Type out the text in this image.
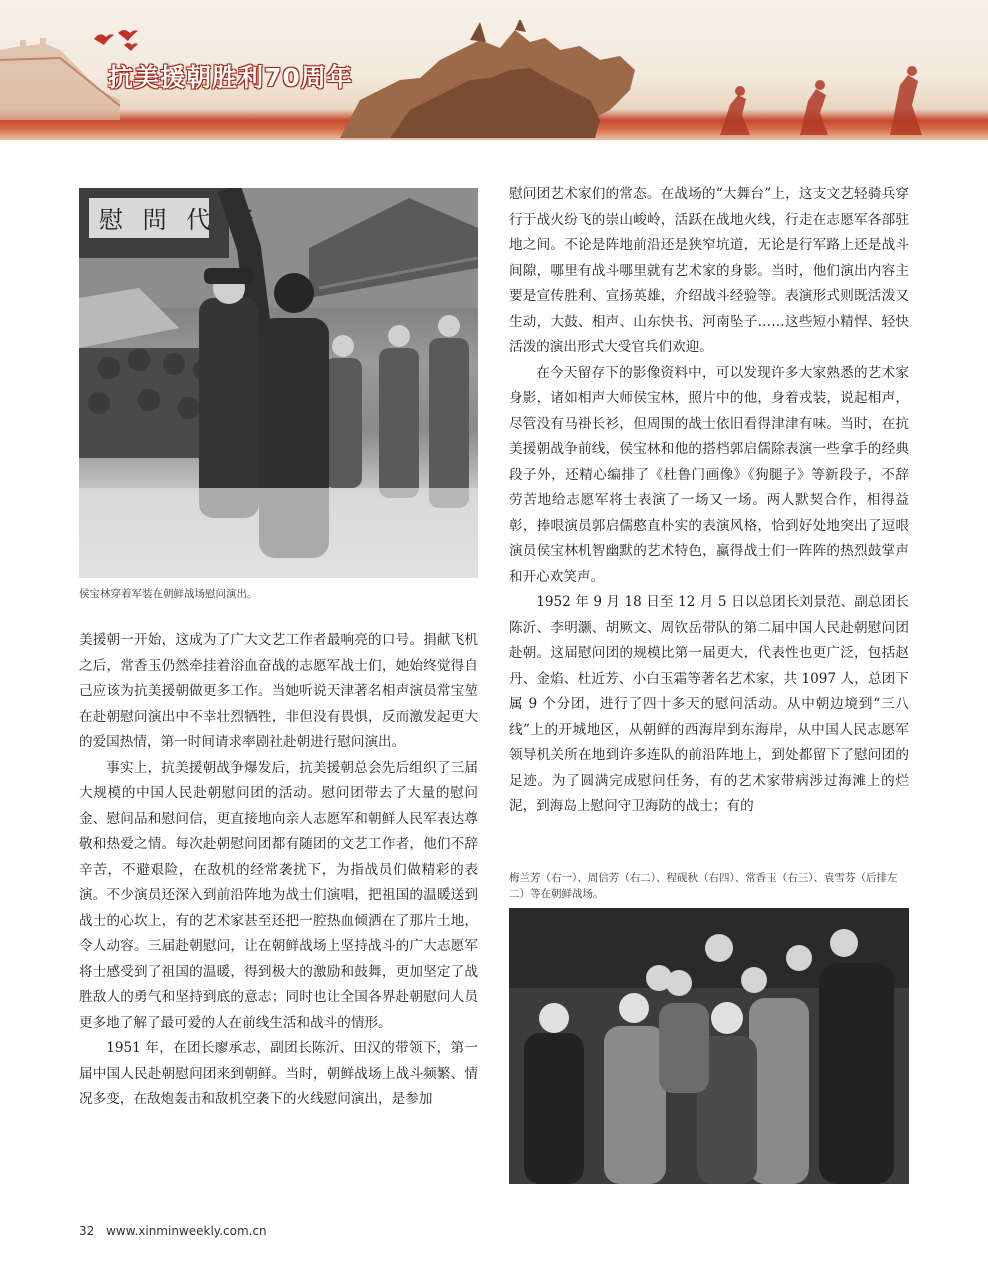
抗美援朝胜利70周年
慰 問 代 表
侯宝林穿着军装在朝鲜战场慰问演出。

美援朝一开始，这成为了广大文艺工作者最响亮的口号。捐献飞机之后，常香玉仍然牵挂着浴血奋战的志愿军战士们，她始终觉得自己应该为抗美援朝做更多工作。当她听说天津著名相声演员常宝堃在赴朝慰问演出中不幸壮烈牺牲，非但没有畏惧，反而激发起更大的爱国热情，第一时间请求率剧社赴朝进行慰问演出。

事实上，抗美援朝战争爆发后，抗美援朝总会先后组织了三届大规模的中国人民赴朝慰问团的活动。慰问团带去了大量的慰问金、慰问品和慰问信，更直接地向亲人志愿军和朝鲜人民军表达尊敬和热爱之情。每次赴朝慰问团都有随团的文艺工作者，他们不辞辛苦，不避艰险，在敌机的经常袭扰下，为指战员们做精彩的表演。不少演员还深入到前沿阵地为战士们演唱，把祖国的温暖送到战士的心坎上，有的艺术家甚至还把一腔热血倾洒在了那片土地，令人动容。三届赴朝慰问，让在朝鲜战场上坚持战斗的广大志愿军将士感受到了祖国的温暖，得到极大的激励和鼓舞，更加坚定了战胜敌人的勇气和坚持到底的意志；同时也让全国各界赴朝慰问人员更多地了解了最可爱的人在前线生活和战斗的情形。

1951 年，在团长廖承志，副团长陈沂、田汉的带领下，第一届中国人民赴朝慰问团来到朝鲜。当时，朝鲜战场上战斗频繁、情况多变，在敌炮轰击和敌机空袭下的火线慰问演出，是参加

慰问团艺术家们的常态。在战场的“大舞台”上，这支文艺轻骑兵穿行于战火纷飞的崇山峻岭，活跃在战地火线，行走在志愿军各部驻地之间。不论是阵地前沿还是狭窄坑道，无论是行军路上还是战斗间隙，哪里有战斗哪里就有艺术家的身影。当时，他们演出内容主要是宣传胜利、宣扬英雄，介绍战斗经验等。表演形式则既活泼又生动，大鼓、相声、山东快书、河南坠子……这些短小精悍、轻快活泼的演出形式大受官兵们欢迎。

在今天留存下的影像资料中，可以发现许多大家熟悉的艺术家身影，诸如相声大师侯宝林，照片中的他，身着戎装，说起相声，尽管没有马褂长衫，但周围的战士依旧看得津津有味。当时，在抗美援朝战争前线，侯宝林和他的搭档郭启儒除表演一些拿手的经典段子外，还精心编排了《杜鲁门画像》《狗腿子》等新段子，不辞劳苦地给志愿军将士表演了一场又一场。两人默契合作，相得益彰，捧哏演员郭启儒憨直朴实的表演风格，恰到好处地突出了逗哏演员侯宝林机智幽默的艺术特色，赢得战士们一阵阵的热烈鼓掌声和开心欢笑声。

1952 年 9 月 18 日至 12 月 5 日以总团长刘景范、副总团长陈沂、李明灏、胡厥文、周钦岳带队的第二届中国人民赴朝慰问团赴朝。这届慰问团的规模比第一届更大，代表性也更广泛，包括赵丹、金焰、杜近芳、小白玉霜等著名艺术家，共 1097 人，总团下属 9 个分团，进行了四十多天的慰问活动。从中朝边境到“三八线”上的开城地区，从朝鲜的西海岸到东海岸，从中国人民志愿军领导机关所在地到许多连队的前沿阵地上，到处都留下了慰问团的足迹。为了圆满完成慰问任务，有的艺术家带病涉过海滩上的烂泥，到海岛上慰问守卫海防的战士；有的

梅兰芳（右一）、周信芳（右二）、程砚秋（右四）、常香玉（右三）、袁雪芬（后排左二）等在朝鲜战场。
32 www.xinminweekly.com.cn
